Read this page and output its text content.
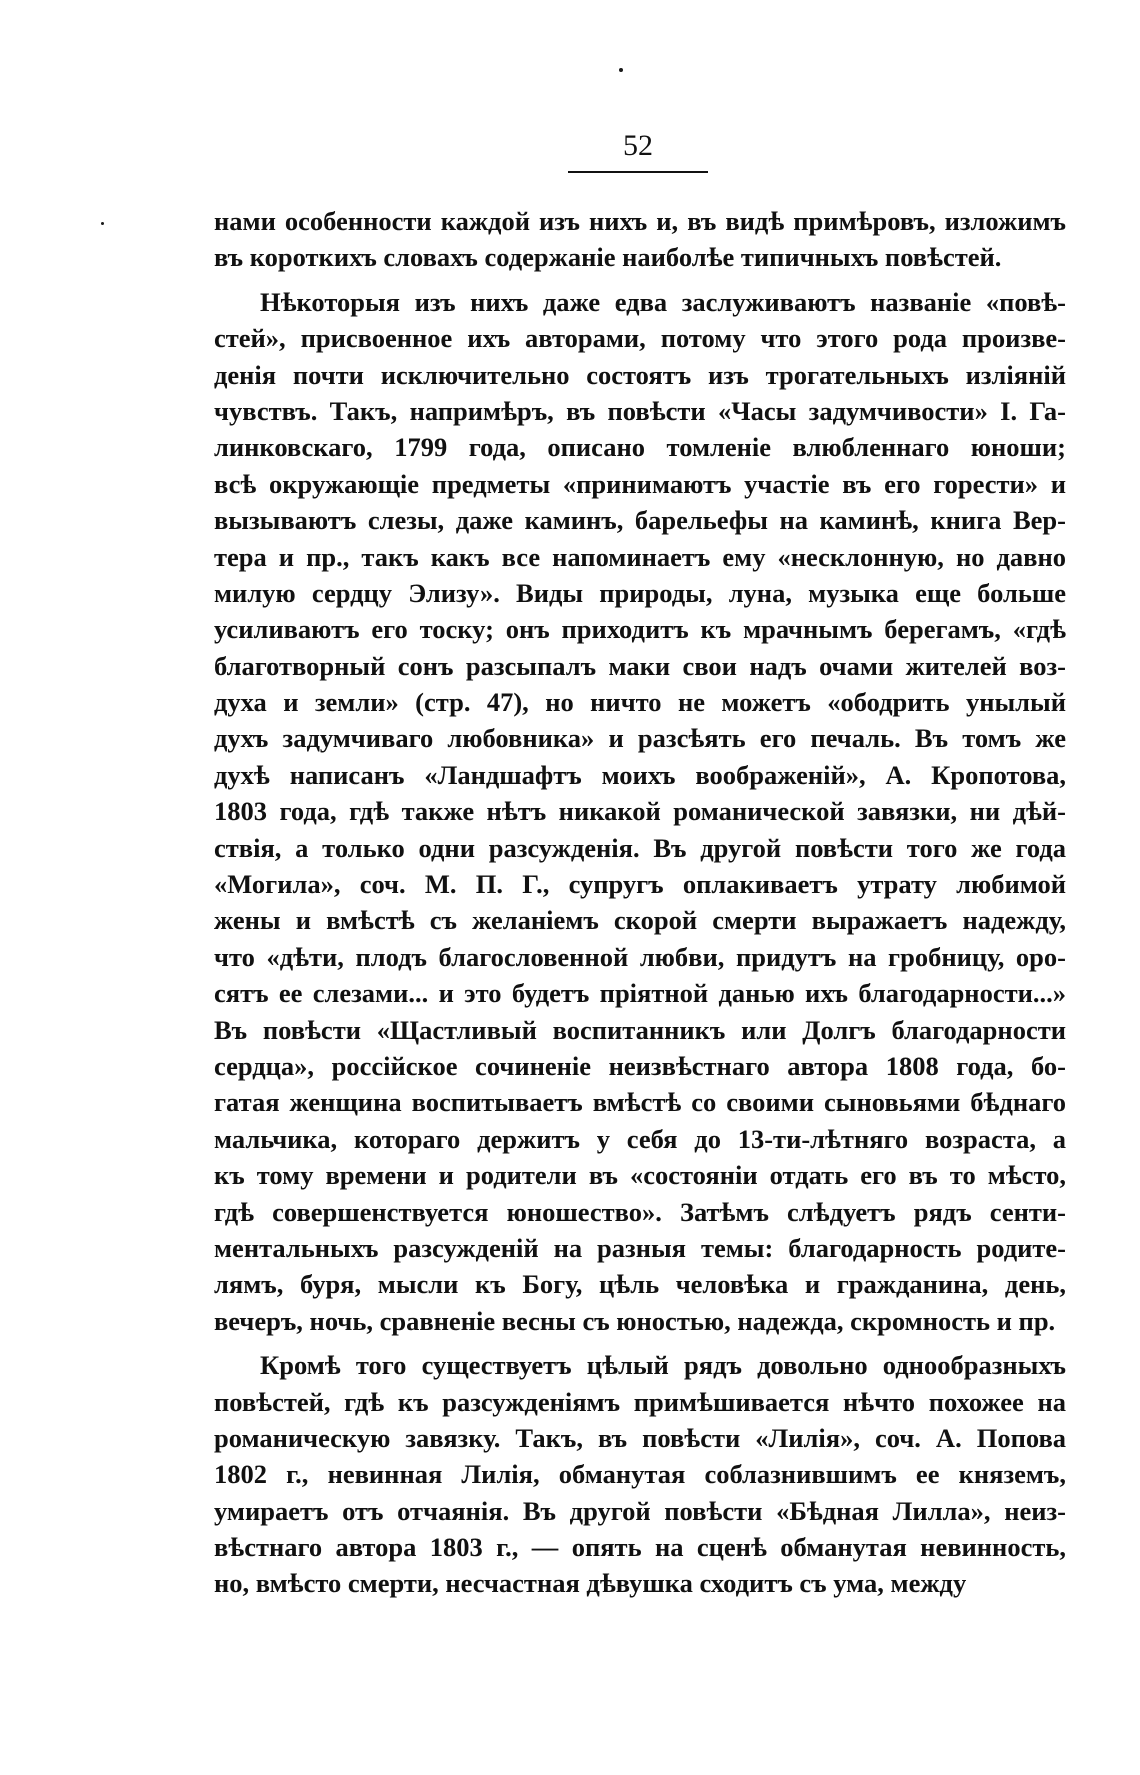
52
нами особенности каждой изъ нихъ и, въ видѣ примѣровъ, изложимъ
въ короткихъ словахъ содержаніе наиболѣе типичныхъ повѣстей.
Нѣкоторыя изъ нихъ даже едва заслуживаютъ названіе «повѣ-
стей», присвоенное ихъ авторами, потому что этого рода произве-
денія почти исключительно состоятъ изъ трогательныхъ изліяній
чувствъ. Такъ, напримѣръ, въ повѣсти «Часы задумчивости» I. Га-
линковскаго, 1799 года, описано томленіе влюбленнаго юноши;
всѣ окружающіе предметы «принимаютъ участіе въ его горести» и
вызываютъ слезы, даже каминъ, барельефы на каминѣ, книга Вер-
тера и пр., такъ какъ все напоминаетъ ему «несклонную, но давно
милую сердцу Элизу». Виды природы, луна, музыка еще больше
усиливаютъ его тоску; онъ приходитъ къ мрачнымъ берегамъ, «гдѣ
благотворный сонъ разсыпалъ маки свои надъ очами жителей воз-
духа и земли» (стр. 47), но ничто не можетъ «ободрить унылый
духъ задумчиваго любовника» и разсѣять его печаль. Въ томъ же
духѣ написанъ «Ландшафтъ моихъ воображеній», А. Кропотова,
1803 года, гдѣ также нѣтъ никакой романической завязки, ни дѣй-
ствія, а только одни разсужденія. Въ другой повѣсти того же года
«Могила», соч. М. П. Г., супругъ оплакиваетъ утрату любимой
жены и вмѣстѣ съ желаніемъ скорой смерти выражаетъ надежду,
что «дѣти, плодъ благословенной любви, придутъ на гробницу, оро-
сятъ ее слезами... и это будетъ пріятной данью ихъ благодарности...»
Въ повѣсти «Щастливый воспитанникъ или Долгъ благодарности
сердца», россійское сочиненіе неизвѣстнаго автора 1808 года, бо-
гатая женщина воспитываетъ вмѣстѣ со своими сыновьями бѣднаго
мальчика, котораго держитъ у себя до 13-ти-лѣтняго возраста, а
къ тому времени и родители въ «состояніи отдать его въ то мѣсто,
гдѣ совершенствуется юношество». Затѣмъ слѣдуетъ рядъ сенти-
ментальныхъ разсужденій на разныя темы: благодарность родите-
лямъ, буря, мысли къ Богу, цѣль человѣка и гражданина, день,
вечеръ, ночь, сравненіе весны съ юностью, надежда, скромность и пр.
Кромѣ того существуетъ цѣлый рядъ довольно однообразныхъ
повѣстей, гдѣ къ разсужденіямъ примѣшивается нѣчто похожее на
романическую завязку. Такъ, въ повѣсти «Лилія», соч. А. Попова
1802 г., невинная Лилія, обманутая соблазнившимъ ее княземъ,
умираетъ отъ отчаянія. Въ другой повѣсти «Бѣдная Лилла», неиз-
вѣстнаго автора 1803 г., — опять на сценѣ обманутая невинность,
но, вмѣсто смерти, несчастная дѣвушка сходитъ съ ума, между
